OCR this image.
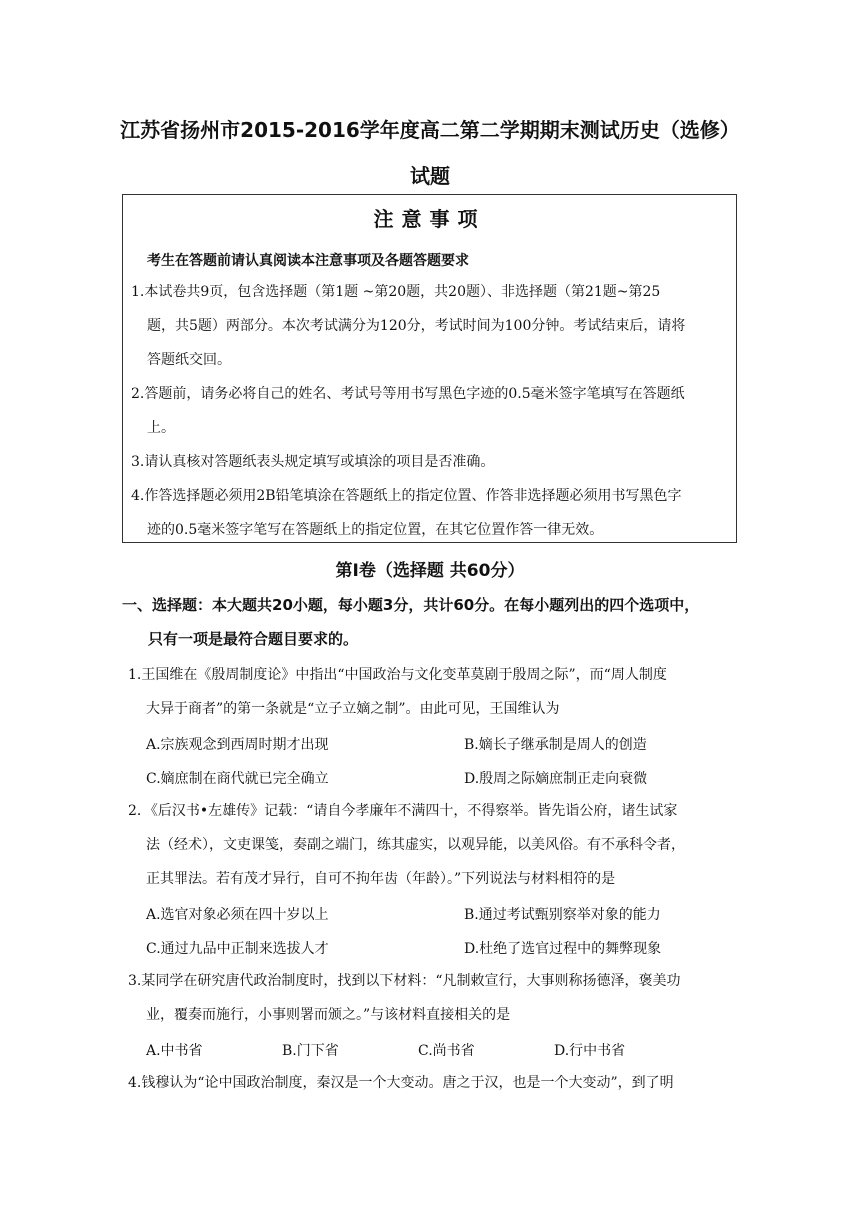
江苏省扬州市2015-2016学年度高二第二学期期末测试历史（选修）
试题
注意事项
考生在答题前请认真阅读本注意事项及各题答题要求
1.本试卷共9页，包含选择题（第1题 ~第20题，共20题）、非选择题（第21题~第25
题，共5题）两部分。本次考试满分为120分，考试时间为100分钟。考试结束后，请将
答题纸交回。
2.答题前，请务必将自己的姓名、考试号等用书写黑色字迹的0.5毫米签字笔填写在答题纸
上。
3.请认真核对答题纸表头规定填写或填涂的项目是否准确。
4.作答选择题必须用2B铅笔填涂在答题纸上的指定位置、作答非选择题必须用书写黑色字
迹的0.5毫米签字笔写在答题纸上的指定位置，在其它位置作答一律无效。
第Ⅰ卷（选择题 共60分）
一、选择题：本大题共20小题，每小题3分，共计60分。在每小题列出的四个选项中，
只有一项是最符合题目要求的。
1.王国维在《殷周制度论》中指出“中国政治与文化变革莫剧于殷周之际”，而“周人制度
大异于商者”的第一条就是“立子立嫡之制”。由此可见，王国维认为
A.宗族观念到西周时期才出现	B.嫡长子继承制是周人的创造
C.嫡庶制在商代就已完全确立	D.殷周之际嫡庶制正走向衰微
2．《后汉书•左雄传》记载：“请自今孝廉年不满四十，不得察举。皆先诣公府，诸生试家
法（经术），文吏课笺，奏副之端门，练其虚实，以观异能，以美风俗。有不承科令者，
正其罪法。若有茂才异行，自可不拘年齿（年龄）。”下列说法与材料相符的是
A.选官对象必须在四十岁以上	B.通过考试甄别察举对象的能力
C.通过九品中正制来选拔人才	D.杜绝了选官过程中的舞弊现象
3.某同学在研究唐代政治制度时，找到以下材料：“凡制敕宣行，大事则称扬德泽，褒美功
业，覆奏而施行，小事则署而颁之。”与该材料直接相关的是
A.中书省	B.门下省	C.尚书省	D.行中书省
4.钱穆认为“论中国政治制度，秦汉是一个大变动。唐之于汉，也是一个大变动”，到了明
